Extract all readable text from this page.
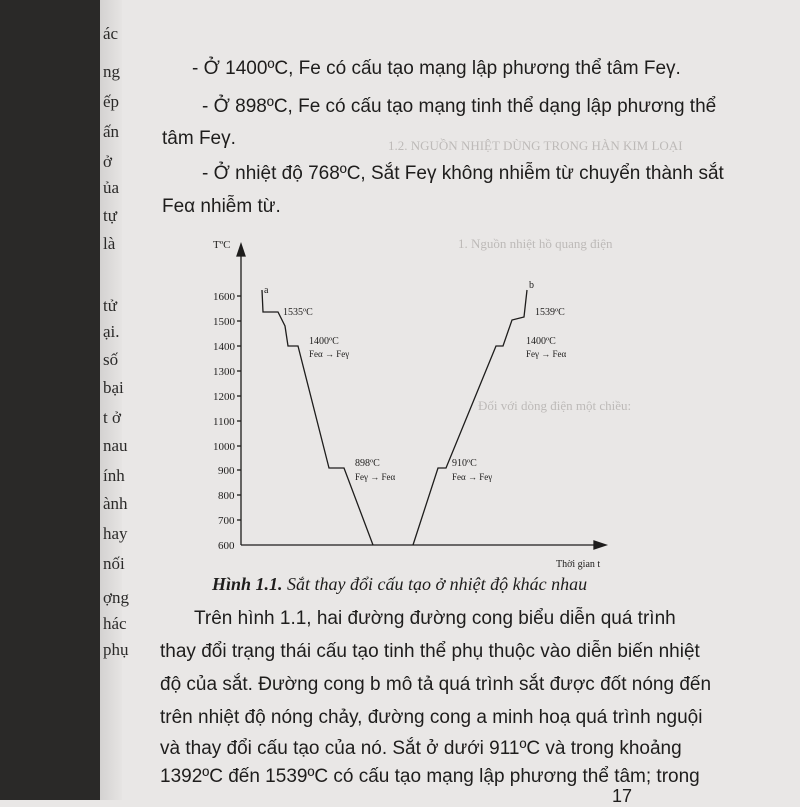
ác
ng
ếp
ấn
ở
ủa
tự
là
tử
ại.
số
bại
t ở
nau
ính
ành
hay
nối
ợng
hác
phụ
- Ở 1400ºC, Fe có cấu tạo mạng lập phương thể tâm Feγ.
- Ở 898ºC, Fe có cấu tạo mạng tinh thể dạng lập phương thể
tâm Feγ.
- Ở nhiệt độ 768ºC, Sắt Feγ không nhiễm từ chuyển thành sắt
Feα nhiễm từ.
1.2. NGUỒN NHIỆT DÙNG TRONG HÀN KIM LOẠI
1. Nguồn nhiệt hồ quang điện
Đối với dòng điện một chiều:
TºC
1600
1500
1400
1300
1200
1100
1000
900
800
700
600
a	b
1535ºC
1400ºC
Feα → Feγ
898ºC
Feγ → Feα
1539ºC
1400ºC
Feγ → Feα
910ºC
Feα → Feγ
Thời gian t
Hình 1.1. Sắt thay đổi cấu tạo ở nhiệt độ khác nhau
Trên hình 1.1, hai đường đường cong biểu diễn quá trình
thay đổi trạng thái cấu tạo tinh thể phụ thuộc vào diễn biến nhiệt
độ của sắt. Đường cong b mô tả quá trình sắt được đốt nóng đến
trên nhiệt độ nóng chảy, đường cong a minh hoạ quá trình nguội
và thay đổi cấu tạo của nó. Sắt ở dưới 911ºC và trong khoảng
1392ºC đến 1539ºC có cấu tạo mạng lập phương thể tâm; trong
17
